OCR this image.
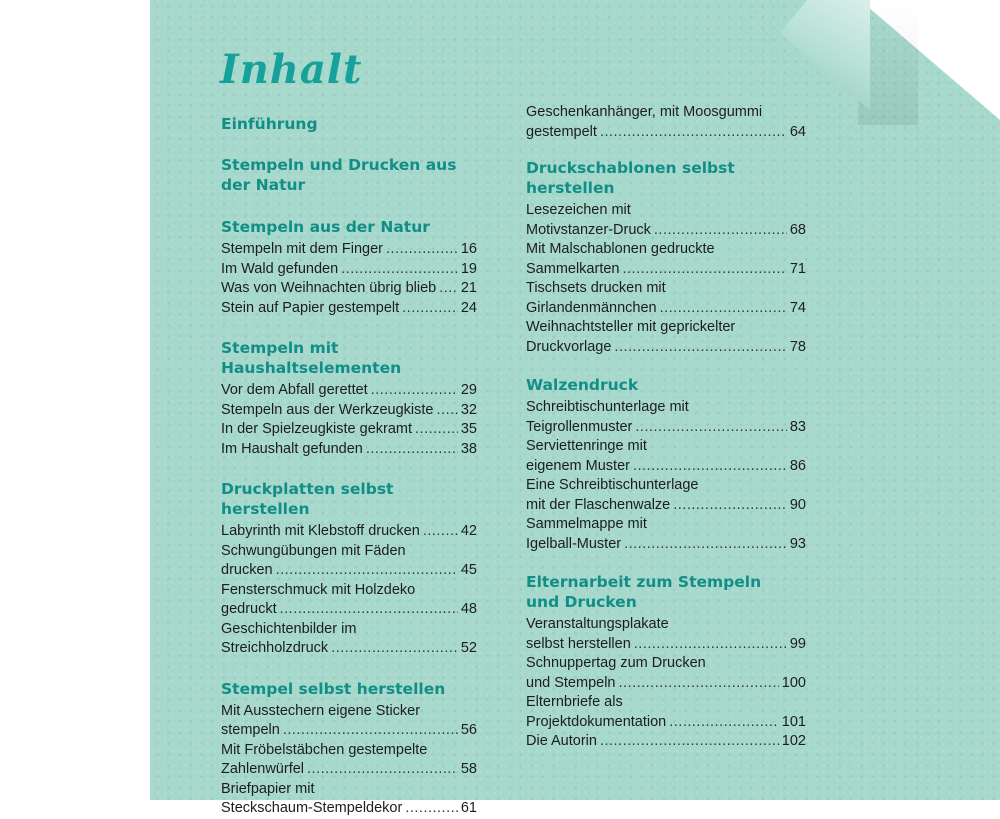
Inhalt

Einführung

Stempeln und Drucken aus der Natur

Stempeln aus der Natur

Stempeln mit dem Finger .....	16
Im Wald gefunden .....	19
Was von Weihnachten übrig blieb ..... 21
Stein auf Papier gestempelt .....	24

Stempeln mit Haushaltselementen

Vor dem Abfall gerettet .....	29
Stempeln aus der Werkzeugkiste ..... 32
In der Spielzeugkiste gekramt .....	35
Im Haushalt gefunden .....	38

Druckplatten selbst herstellen

Labyrinth mit Klebstoff drucken .....	42
Schwungübungen mit Fäden
drucken .....	45
Fensterschmuck mit Holzdeko
gedruckt .....	48
Geschichtenbilder im
Streichholzdruck .....	52

Stempel selbst herstellen

Mit Ausstechern eigene Sticker
stempeln .....	56
Mit Fröbelstäbchen gestempelte
Zahlenwürfel .....	58
Briefpapier mit
Steckschaum-Stempeldekor .....	61
Geschenkanhänger, mit Moosgummi
gestempelt .....	64

Druckschablonen selbst herstellen

Lesezeichen mit
Motivstanzer-Druck .....	68
Mit Malschablonen gedruckte
Sammelkarten .....	71
Tischsets drucken mit
Girlandenmännchen .....	74
Weihnachtsteller mit geprickelter
Druckvorlage .....	78

Walzendruck

Schreibtischunterlage mit
Teigrollenmuster .....	83
Serviettenringe mit
eigenem Muster .....	86
Eine Schreibtischunterlage
mit der Flaschenwalze .....	90
Sammelmappe mit
Igelball-Muster .....	93

Elternarbeit zum Stempeln

und Drucken

Veranstaltungsplakate
selbst herstellen .....	99
Schnuppertag zum Drucken
und Stempeln .....	100
Elternbriefe als
Projektdokumentation .....	101
Die Autorin .....	102
